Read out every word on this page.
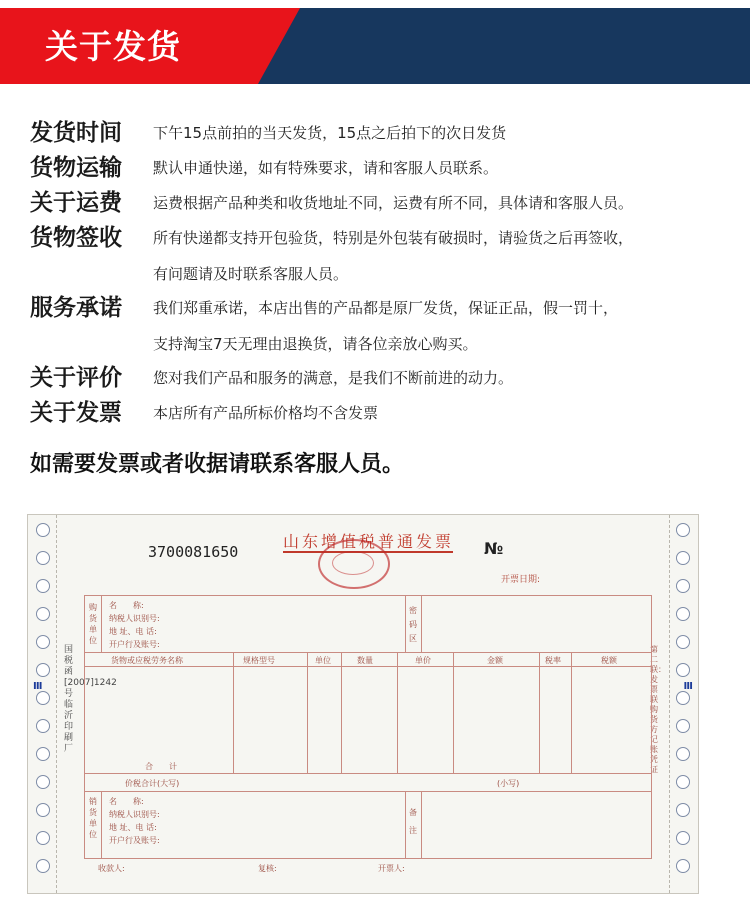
关于发货
发货时间 下午15点前拍的当天发货，15点之后拍下的次日发货
货物运输 默认申通快递，如有特殊要求，请和客服人员联系。
关于运费 运费根据产品种类和收货地址不同，运费有所不同，具体请和客服人员。
货物签收 所有快递都支持开包验货，特别是外包装有破损时，请验货之后再签收，
有问题请及时联系客服人员。
服务承诺 我们郑重承诺，本店出售的产品都是原厂发货，保证正品，假一罚十，
支持淘宝7天无理由退换货，请各位亲放心购买。
关于评价 您对我们产品和服务的满意，是我们不断前进的动力。
关于发票 本店所有产品所标价格均不含发票
如需要发票或者收据请联系客服人员。
Ⅲ	Ⅲ
3700081650
山东增值税普通发票 №
开票日期:
国税函[2007]1242号临沂印刷厂
第二联：发票联 购货方记账凭证
购货单位
名　　称:
纳税人识别号:
地 址、电 话:
开户行及账号:
密码区
货物或应税劳务名称	规格型号	单位	数量	单价	金额	税率	税额
合　　计
价税合计(大写)	(小写)
销货单位
名　　称:
纳税人识别号:
地 址、电 话:
开户行及账号:
备注
收款人:	复核:	开票人:
